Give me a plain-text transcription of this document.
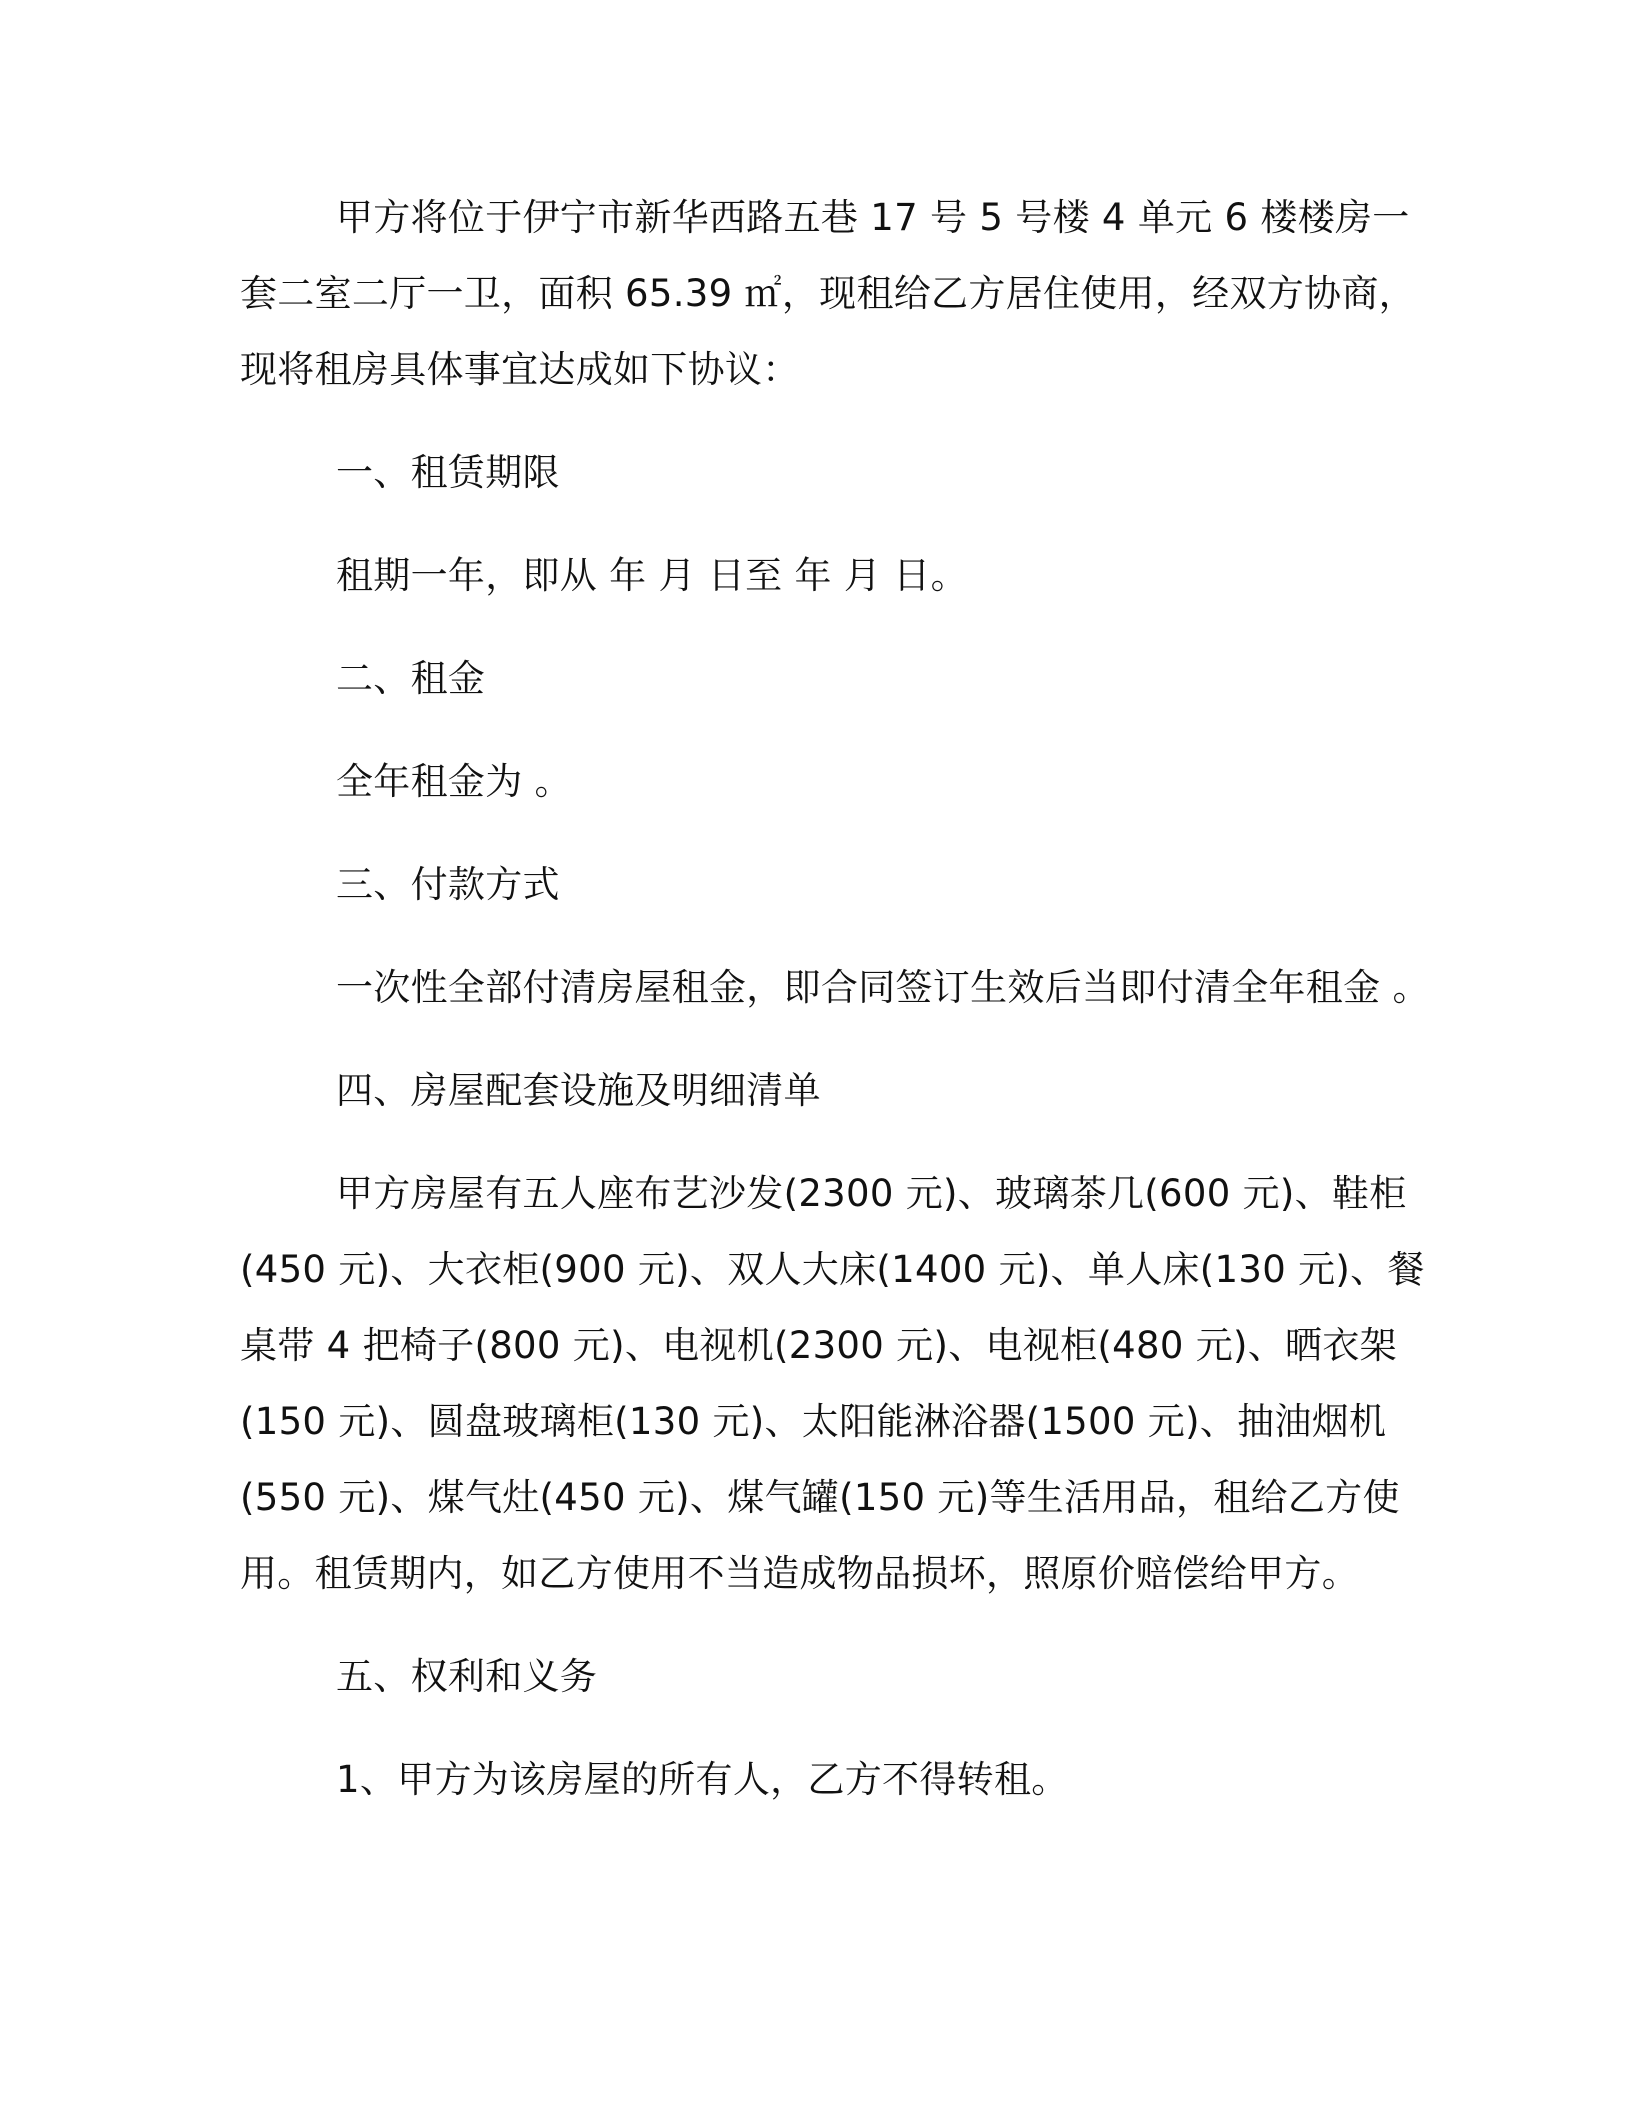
甲方将位于伊宁市新华西路五巷 17 号 5 号楼 4 单元 6 楼楼房一
套二室二厅一卫，面积 65.39 ㎡，现租给乙方居住使用，经双方协商，
现将租房具体事宜达成如下协议：
一、租赁期限
租期一年，即从 年 月 日至 年 月 日。
二、租金
全年租金为 。
三、付款方式
一次性全部付清房屋租金，即合同签订生效后当即付清全年租金 。
四、房屋配套设施及明细清单
甲方房屋有五人座布艺沙发(2300 元)、玻璃茶几(600 元)、鞋柜
(450 元)、大衣柜(900 元)、双人大床(1400 元)、单人床(130 元)、餐
桌带 4 把椅子(800 元)、电视机(2300 元)、电视柜(480 元)、晒衣架
(150 元)、圆盘玻璃柜(130 元)、太阳能淋浴器(1500 元)、抽油烟机
(550 元)、煤气灶(450 元)、煤气罐(150 元)等生活用品，租给乙方使
用。租赁期内，如乙方使用不当造成物品损坏，照原价赔偿给甲方。
五、权利和义务
1、甲方为该房屋的所有人，乙方不得转租。
